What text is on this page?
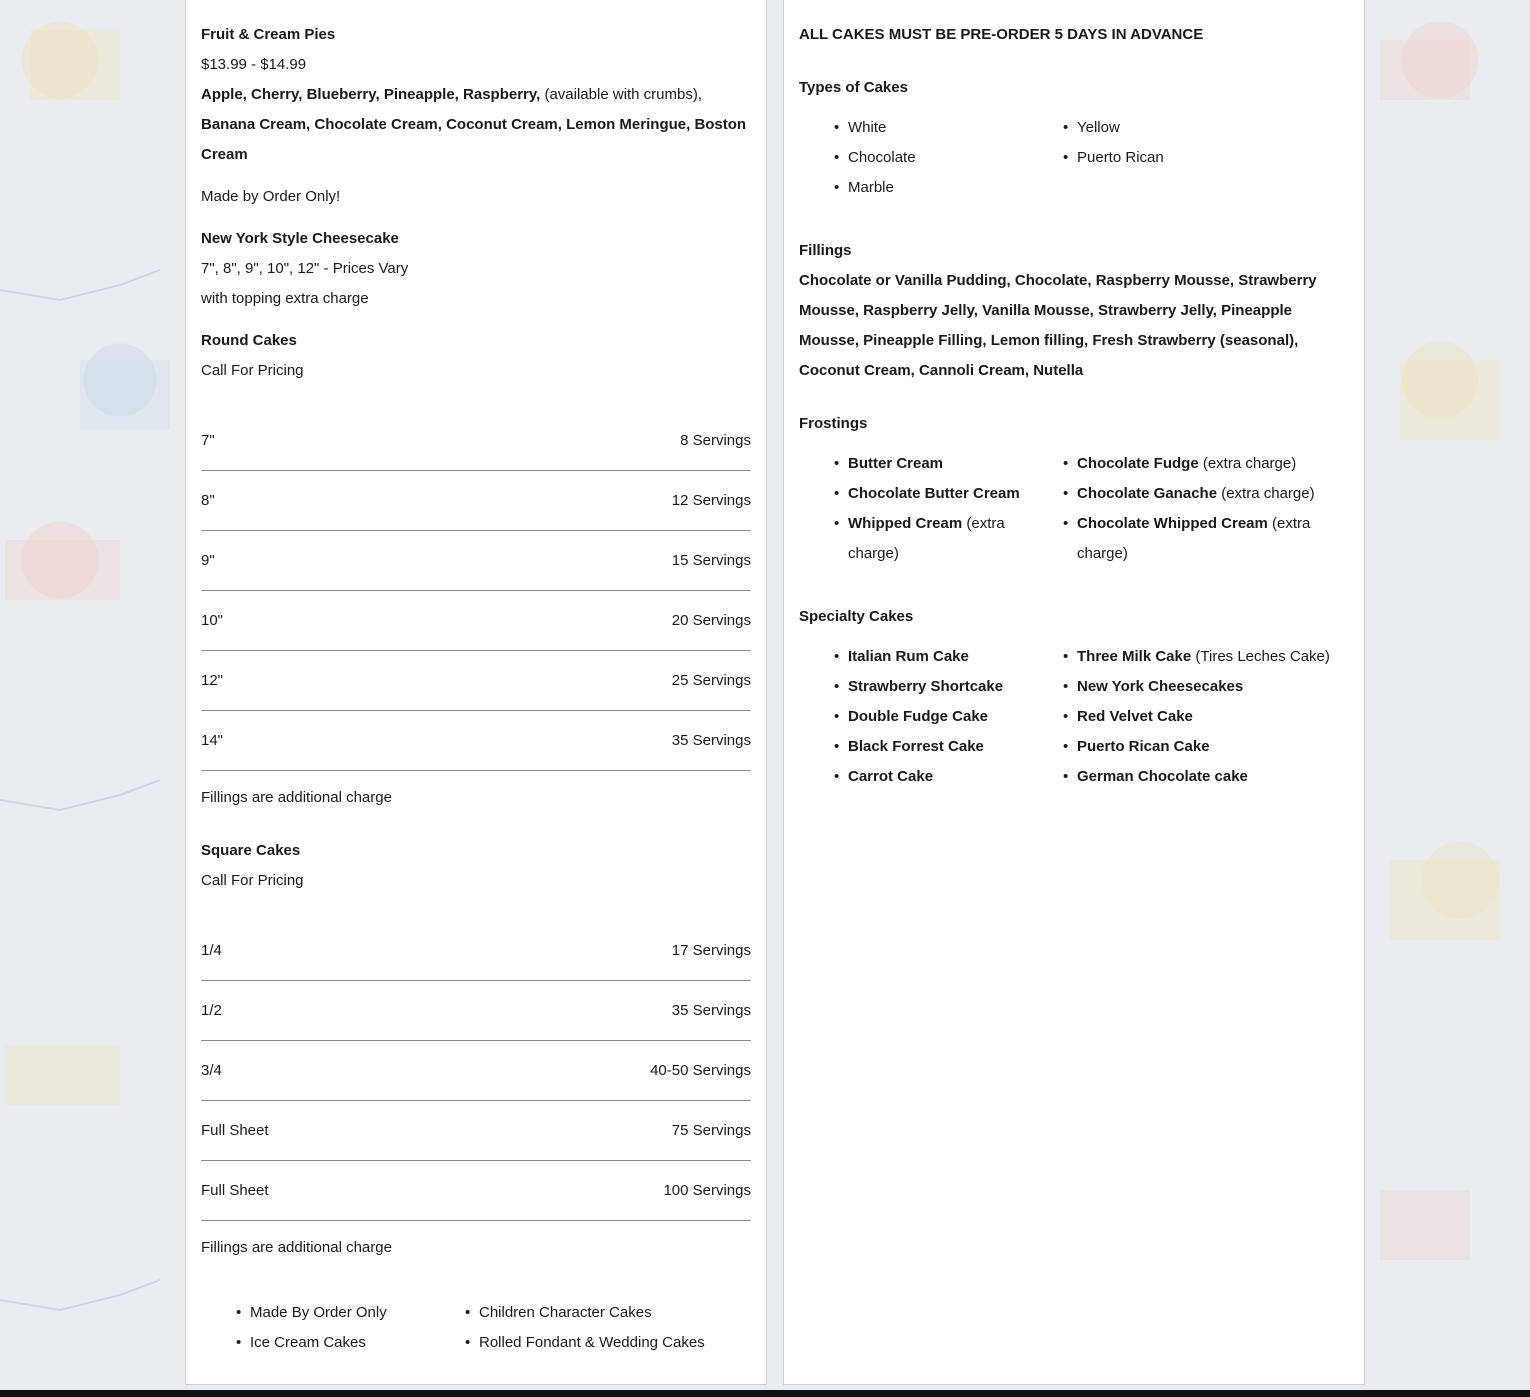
Fruit & Cream Pies

$13.99 - $14.99

Apple, Cherry, Blueberry, Pineapple, Raspberry, (available with crumbs), Banana Cream, Chocolate Cream, Coconut Cream, Lemon Meringue, Boston Cream

Made by Order Only!

New York Style Cheesecake

7", 8", 9", 10", 12" - Prices Vary

with topping extra charge

Round Cakes

Call For Pricing

7"	8 Servings
8"	12 Servings
9"	15 Servings
10"	20 Servings
12"	25 Servings
14"	35 Servings

Fillings are additional charge

Square Cakes

Call For Pricing

1/4	17 Servings
1/2	35 Servings
3/4	40-50 Servings
Full Sheet	75 Servings
Full Sheet	100 Servings

Fillings are additional charge

• Made By Order Only
• Ice Cream Cakes
• Children Character Cakes
• Rolled Fondant & Wedding Cakes

ALL CAKES MUST BE PRE-ORDER 5 DAYS IN ADVANCE

Types of Cakes

• White
• Chocolate
• Marble
• Yellow
• Puerto Rican

Fillings

Chocolate or Vanilla Pudding, Chocolate, Raspberry Mousse, Strawberry Mousse, Raspberry Jelly, Vanilla Mousse, Strawberry Jelly, Pineapple Mousse, Pineapple Filling, Lemon filling, Fresh Strawberry (seasonal), Coconut Cream, Cannoli Cream, Nutella

Frostings

• Butter Cream
• Chocolate Butter Cream
• Whipped Cream (extra charge)
• Chocolate Fudge (extra charge)
• Chocolate Ganache (extra charge)
• Chocolate Whipped Cream (extra charge)

Specialty Cakes

• Italian Rum Cake
• Strawberry Shortcake
• Double Fudge Cake
• Black Forrest Cake
• Carrot Cake
• Three Milk Cake (Tires Leches Cake)
• New York Cheesecakes
• Red Velvet Cake
• Puerto Rican Cake
• German Chocolate cake
